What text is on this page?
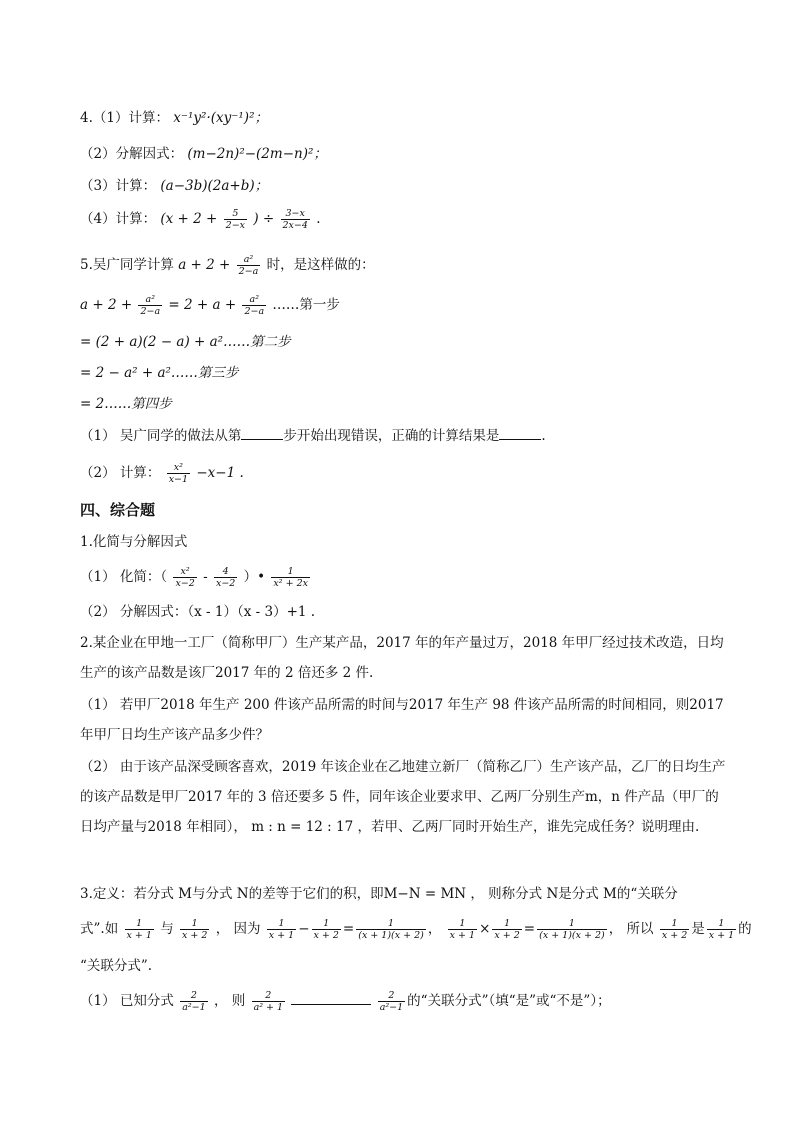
4.（1）计算： x⁻¹y²·(xy⁻¹)²；
（2）分解因式： (m−2n)²−(2m−n)²；
（3）计算： (a−3b)(2a+b)；
（4）计算： ($x + 2 + \frac{5}{2-x}$ ) ÷ $\frac{3-x}{2x-4}$ .
5.吴广同学计算 $a + 2 + \frac{\text{a²}}{2-a}$ 时，是这样做的：
$a + 2 + \frac{\text{a²}}{2-a} = 2 + a + \frac{\text{a²}}{2-a}$ ……第一步
= (2 + a)(2 − a) + a²……第二步
= 2 − a² + a²……第三步
= 2……第四步
（1） 吴广同学的做法从第	步开始出现错误，正确的计算结果是	.
（2） 计算： $\frac{\text{x²}}{x-1} -x-1$ .
四、综合题
1.化简与分解因式
（1） 化简：（ $\frac{\text{x²}}{x-2} - \frac{4}{x-2}$ ）• $\frac{1}{\text{x² + 2x}}$
（2） 分解因式：（x - 1）（x - 3）+1 .
2.某企业在甲地一工厂（简称甲厂）生产某产品，2017 年的年产量过万，2018 年甲厂经过技术改造，日均生产的该产品数是该厂2017 年的 2 倍还多 2 件.
（1） 若甲厂2018 年生产 200 件该产品所需的时间与2017 年生产 98 件该产品所需的时间相同，则2017 年甲厂日均生产该产品多少件？
（2） 由于该产品深受顾客喜欢，2019 年该企业在乙地建立新厂（简称乙厂）生产该产品，乙厂的日均生产的该产品数是甲厂2017 年的 3 倍还要多 5 件，同年该企业要求甲、乙两厂分别生产m，n 件产品（甲厂的日均产量与2018 年相同）， m : n = 12 : 17 ，若甲、乙两厂同时开始生产，谁先完成任务？说明理由.
3.定义：若分式 M与分式 N的差等于它们的积，即M−N = MN ， 则称分式 N是分式 M的“关联分
式”.如 $\frac{1}{x + 1}$ 与 $\frac{1}{x + 2}$ ， 因为 $\frac{1}{x + 1} - \frac{1}{x + 2} = \frac{1}{(x + 1)(x + 2)}$ ， $\frac{1}{x + 1} \times \frac{1}{x + 2} = \frac{1}{(x + 1)(x + 2)}$ ， 所以 $\frac{1}{x + 2}$ 是 $\frac{1}{x + 1}$ 的
“关联分式”.
（1） 已知分式 $\frac{2}{\text{a²−1}}$ ， 则 $\frac{2}{\text{a² + 1}}$
	$\frac{2}{\text{a²−1}}$ 的“关联分式”（填“是”或“不是”）；
